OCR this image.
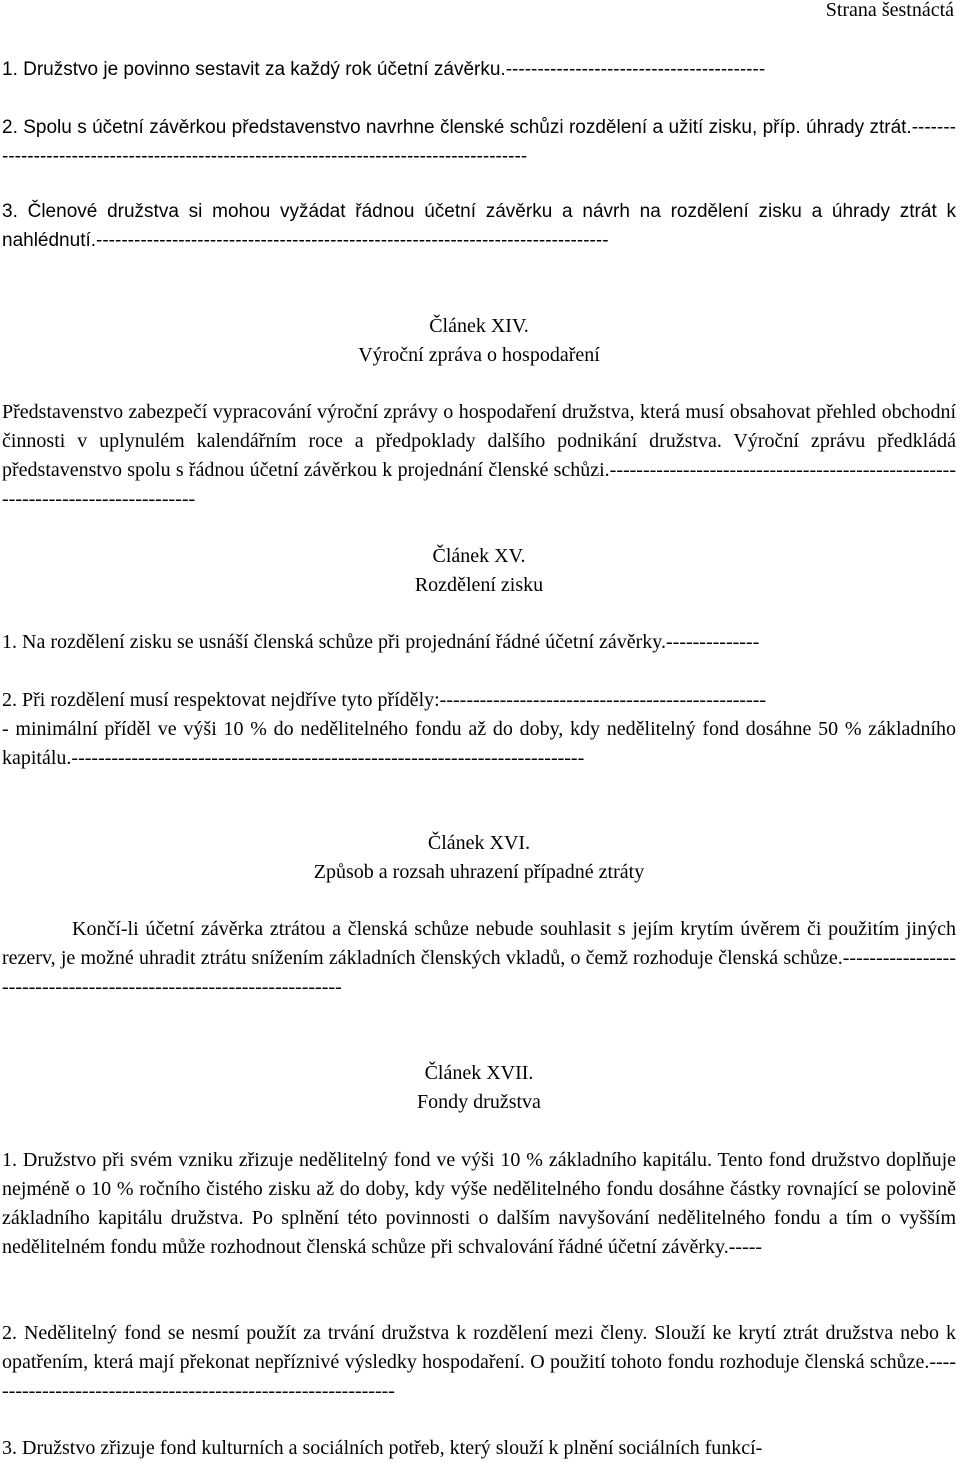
Strana šestnáctá

1. Družstvo je povinno sestavit za každý rok účetní závěrku.-----------------------------------------

2. Spolu s účetní závěrkou představenstvo navrhne členské schůzi rozdělení a užití zisku, příp. úhrady ztrát.------------------------------------------------------------------------------------------

3. Členové družstva si mohou vyžádat řádnou účetní závěrku a návrh na rozdělení zisku a úhrady ztrát k nahlédnutí.---------------------------------------------------------------------------------

Článek XIV.

Výroční zpráva o hospodaření

Představenstvo zabezpečí vypracování výroční zprávy o hospodaření družstva, která musí obsahovat přehled obchodní činnosti v uplynulém kalendářním roce a předpoklady dalšího podnikání družstva. Výroční zprávu předkládá představenstvo spolu s řádnou účetní závěrkou k projednání členské schůzi.---------------------------------------------------------------------------------

Článek XV.

Rozdělení zisku

1. Na rozdělení zisku se usnáší členská schůze při projednání řádné účetní závěrky.--------------

2. Při rozdělení musí respektovat nejdříve tyto příděly:-------------------------------------------------

- minimální příděl ve výši 10 % do nedělitelného fondu až do doby, kdy nedělitelný fond dosáhne 50 % základního kapitálu.-----------------------------------------------------------------------------

Článek XVI.

Způsob a rozsah uhrazení případné ztráty

Končí-li účetní závěrka ztrátou a členská schůze nebude souhlasit s jejím krytím úvěrem či použitím jiných rezerv, je možné uhradit ztrátu snížením základních členských vkladů, o čemž rozhoduje členská schůze.--------------------------------------------------------------------

Článek XVII.

Fondy družstva

1. Družstvo při svém vzniku zřizuje nedělitelný fond ve výši 10 % základního kapitálu. Tento fond družstvo doplňuje nejméně o 10 % ročního čistého zisku až do doby, kdy výše nedělitelného fondu dosáhne částky rovnající se polovině základního kapitálu družstva. Po splnění této povinnosti o dalším navyšování nedělitelného fondu a tím o vyšším nedělitelném fondu může rozhodnout členská schůze při schvalování řádné účetní závěrky.-----

2. Nedělitelný fond se nesmí použít za trvání družstva k rozdělení mezi členy. Slouží ke krytí ztrát družstva nebo k opatřením, která mají překonat nepříznivé výsledky hospodaření. O použití tohoto fondu rozhoduje členská schůze.---------------------------------------------------------------

3. Družstvo zřizuje fond kulturních a sociálních potřeb, který slouží k plnění sociálních funkcí-
